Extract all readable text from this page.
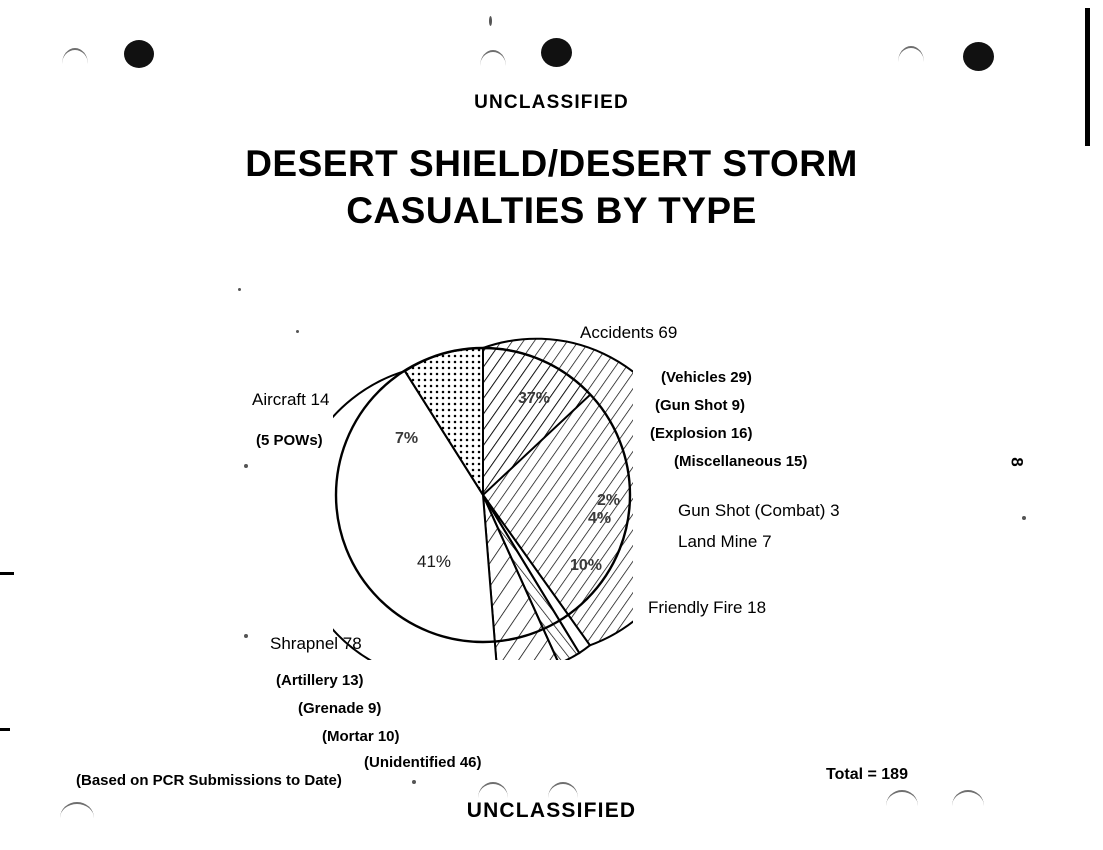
UNCLASSIFIED
DESERT SHIELD/DESERT STORM
CASUALTIES BY TYPE
8
37%
2%
4%
10%
41%
7%
Accidents 69
(Vehicles 29)
(Gun Shot 9)
(Explosion 16)
(Miscellaneous 15)
Aircraft 14
(5 POWs)
Gun Shot (Combat) 3
Land Mine 7
Friendly Fire 18
Shrapnel 78
(Artillery 13)
(Grenade 9)
(Mortar 10)
(Unidentified 46)
(Based on PCR Submissions to Date)	Total = 189
UNCLASSIFIED
